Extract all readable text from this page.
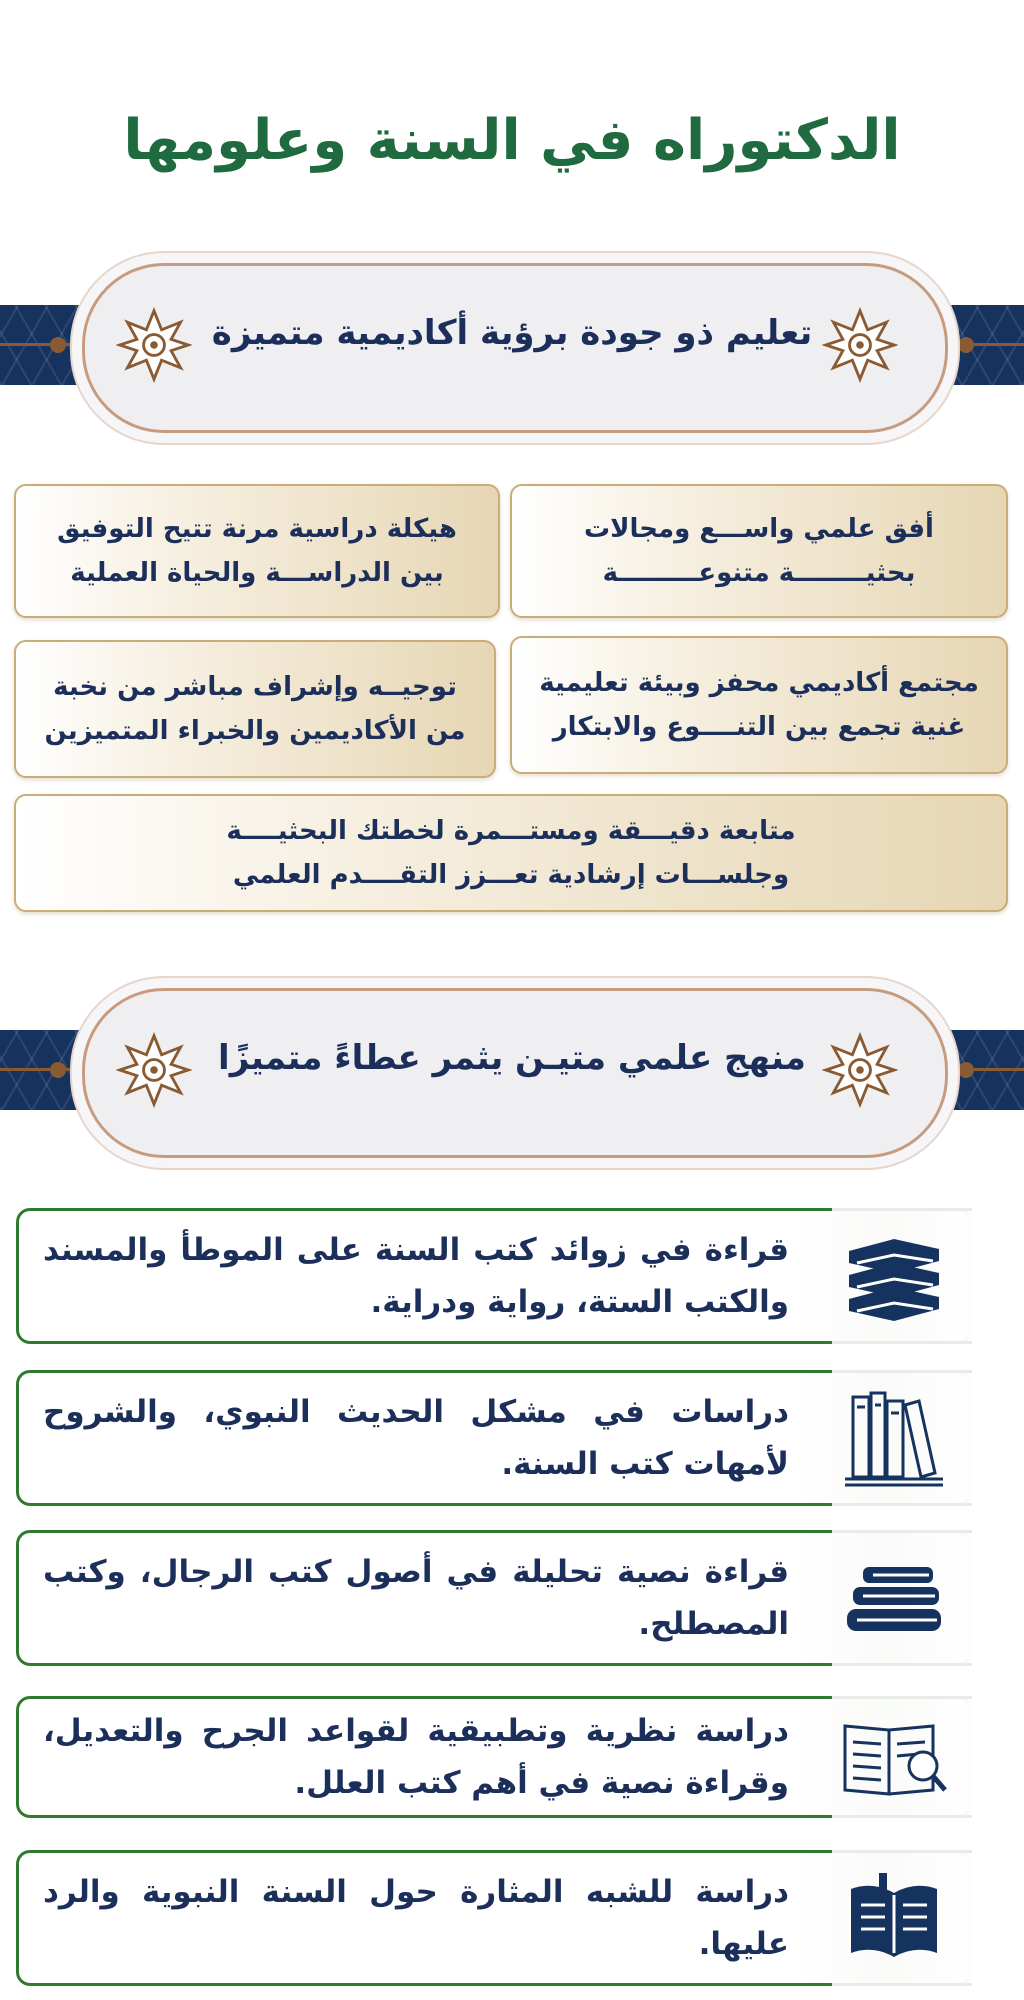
الدكتوراه في السنة وعلومها
تعليم ذو جودة برؤية أكاديمية متميزة
أفق علمي واســـع ومجالات
بحثيــــــــة متنوعـــــــــة
هيكلة دراسية مرنة تتيح التوفيق
بين الدراســـة والحياة العملية
مجتمع أكاديمي محفز وبيئة تعليمية
غنية تجمع بين التنــــوع والابتكار
توجيــه وإشراف مباشر من نخبة
من الأكاديمين والخبراء المتميزين
متابعة دقيـــقة ومستـــمرة لخطتك البحثيــــة
وجلســـات إرشادية تعـــزز التقــــدم العلمي
منهج علمي متيـن يثمر عطاءً متميزًا
قراءة في زوائد كتب السنة على الموطأ والمسند والكتب الستة، رواية ودراية.
دراسات في مشكل الحديث النبوي، والشروح لأمهات كتب السنة.
قراءة نصية تحليلة في أصول كتب الرجال، وكتب المصطلح.
دراسة نظرية وتطبيقية لقواعد الجرح والتعديل، وقراءة نصية في أهم كتب العلل.
دراسة للشبه المثارة حول السنة النبوية والرد عليها.
